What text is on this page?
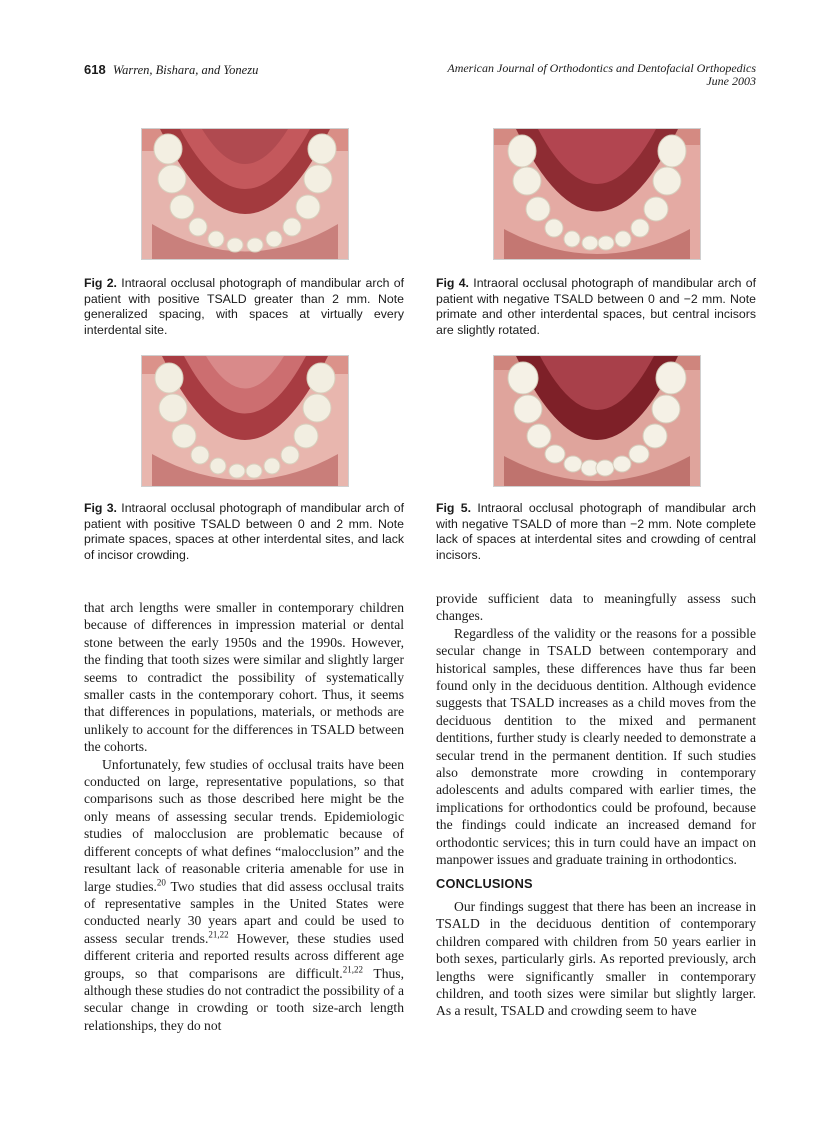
618 Warren, Bishara, and Yonezu	American Journal of Orthodontics and Dentofacial Orthopedics
June 2003
Fig 2. Intraoral occlusal photograph of mandibular arch of patient with positive TSALD greater than 2 mm. Note generalized spacing, with spaces at virtually every interdental site.
Fig 4. Intraoral occlusal photograph of mandibular arch of patient with negative TSALD between 0 and −2 mm. Note primate and other interdental spaces, but central incisors are slightly rotated.
Fig 3. Intraoral occlusal photograph of mandibular arch of patient with positive TSALD between 0 and 2 mm. Note primate spaces, spaces at other interdental sites, and lack of incisor crowding.
Fig 5. Intraoral occlusal photograph of mandibular arch with negative TSALD of more than −2 mm. Note complete lack of spaces at interdental sites and crowding of central incisors.

that arch lengths were smaller in contemporary children because of differences in impression material or dental stone between the early 1950s and the 1990s. However, the finding that tooth sizes were similar and slightly larger seems to contradict the possibility of systematically smaller casts in the contemporary cohort. Thus, it seems that differences in populations, materials, or methods are unlikely to account for the differences in TSALD between the cohorts.

Unfortunately, few studies of occlusal traits have been conducted on large, representative populations, so that comparisons such as those described here might be the only means of assessing secular trends. Epidemiologic studies of malocclusion are problematic because of different concepts of what defines “malocclusion” and the resultant lack of reasonable criteria amenable for use in large studies.$^{20}$ Two studies that did assess occlusal traits of representative samples in the United States were conducted nearly 30 years apart and could be used to assess secular trends.$^{21,22}$ However, these studies used different criteria and reported results across different age groups, so that comparisons are difficult.$^{21,22}$ Thus, although these studies do not contradict the possibility of a secular change in crowding or tooth size-arch length relationships, they do not

provide sufficient data to meaningfully assess such changes.

Regardless of the validity or the reasons for a possible secular change in TSALD between contemporary and historical samples, these differences have thus far been found only in the deciduous dentition. Although evidence suggests that TSALD increases as a child moves from the deciduous dentition to the mixed and permanent dentitions, further study is clearly needed to demonstrate a secular trend in the permanent dentition. If such studies also demonstrate more crowding in contemporary adolescents and adults compared with earlier times, the implications for orthodontics could be profound, because the findings could indicate an increased demand for orthodontic services; this in turn could have an impact on manpower issues and graduate training in orthodontics.

CONCLUSIONS

Our findings suggest that there has been an increase in TSALD in the deciduous dentition of contemporary children compared with children from 50 years earlier in both sexes, particularly girls. As reported previously, arch lengths were significantly smaller in contemporary children, and tooth sizes were similar but slightly larger. As a result, TSALD and crowding seem to have
